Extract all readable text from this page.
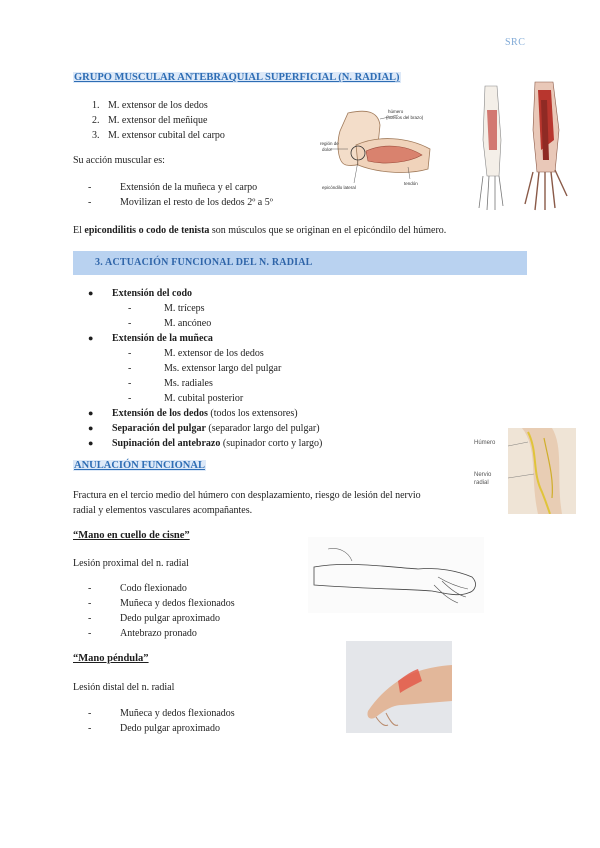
SRC
GRUPO MUSCULAR ANTEBRAQUIAL SUPERFICIAL (N. RADIAL)
1. M. extensor de los dedos
2. M. extensor del meñique
3. M. extensor cubital del carpo
Su acción muscular es:
-	Extensión de la muñeca y el carpo
-	Movilizan el resto de los dedos 2º a 5º
El epicondilitis o codo de tenista son músculos que se originan en el epicóndilo del húmero.
húmero
(huesos del brazo)
región de
dolor
epicóndilo lateral
tendón
3. ACTUACIÓN FUNCIONAL DEL N. RADIAL
● Extensión del codo
-	M. tríceps
-	M. ancóneo
● Extensión de la muñeca
-	M. extensor de los dedos
-	Ms. extensor largo del pulgar
-	Ms. radiales
-	M. cubital posterior
● Extensión de los dedos (todos los extensores)
● Separación del pulgar (separador largo del pulgar)
● Supinación del antebrazo (supinador corto y largo)	Húmero
Nervio
radial
ANULACIÓN FUNCIONAL
Fractura en el tercio medio del húmero con desplazamiento, riesgo de lesión del nervio
radial y elementos vasculares acompañantes.
“Mano en cuello de cisne”
Lesión proximal del n. radial
-	Codo flexionado
-	Muñeca y dedos flexionados
-	Dedo pulgar aproximado
-	Antebrazo pronado
“Mano péndula”
Lesión distal del n. radial
-	Muñeca y dedos flexionados
-	Dedo pulgar aproximado
